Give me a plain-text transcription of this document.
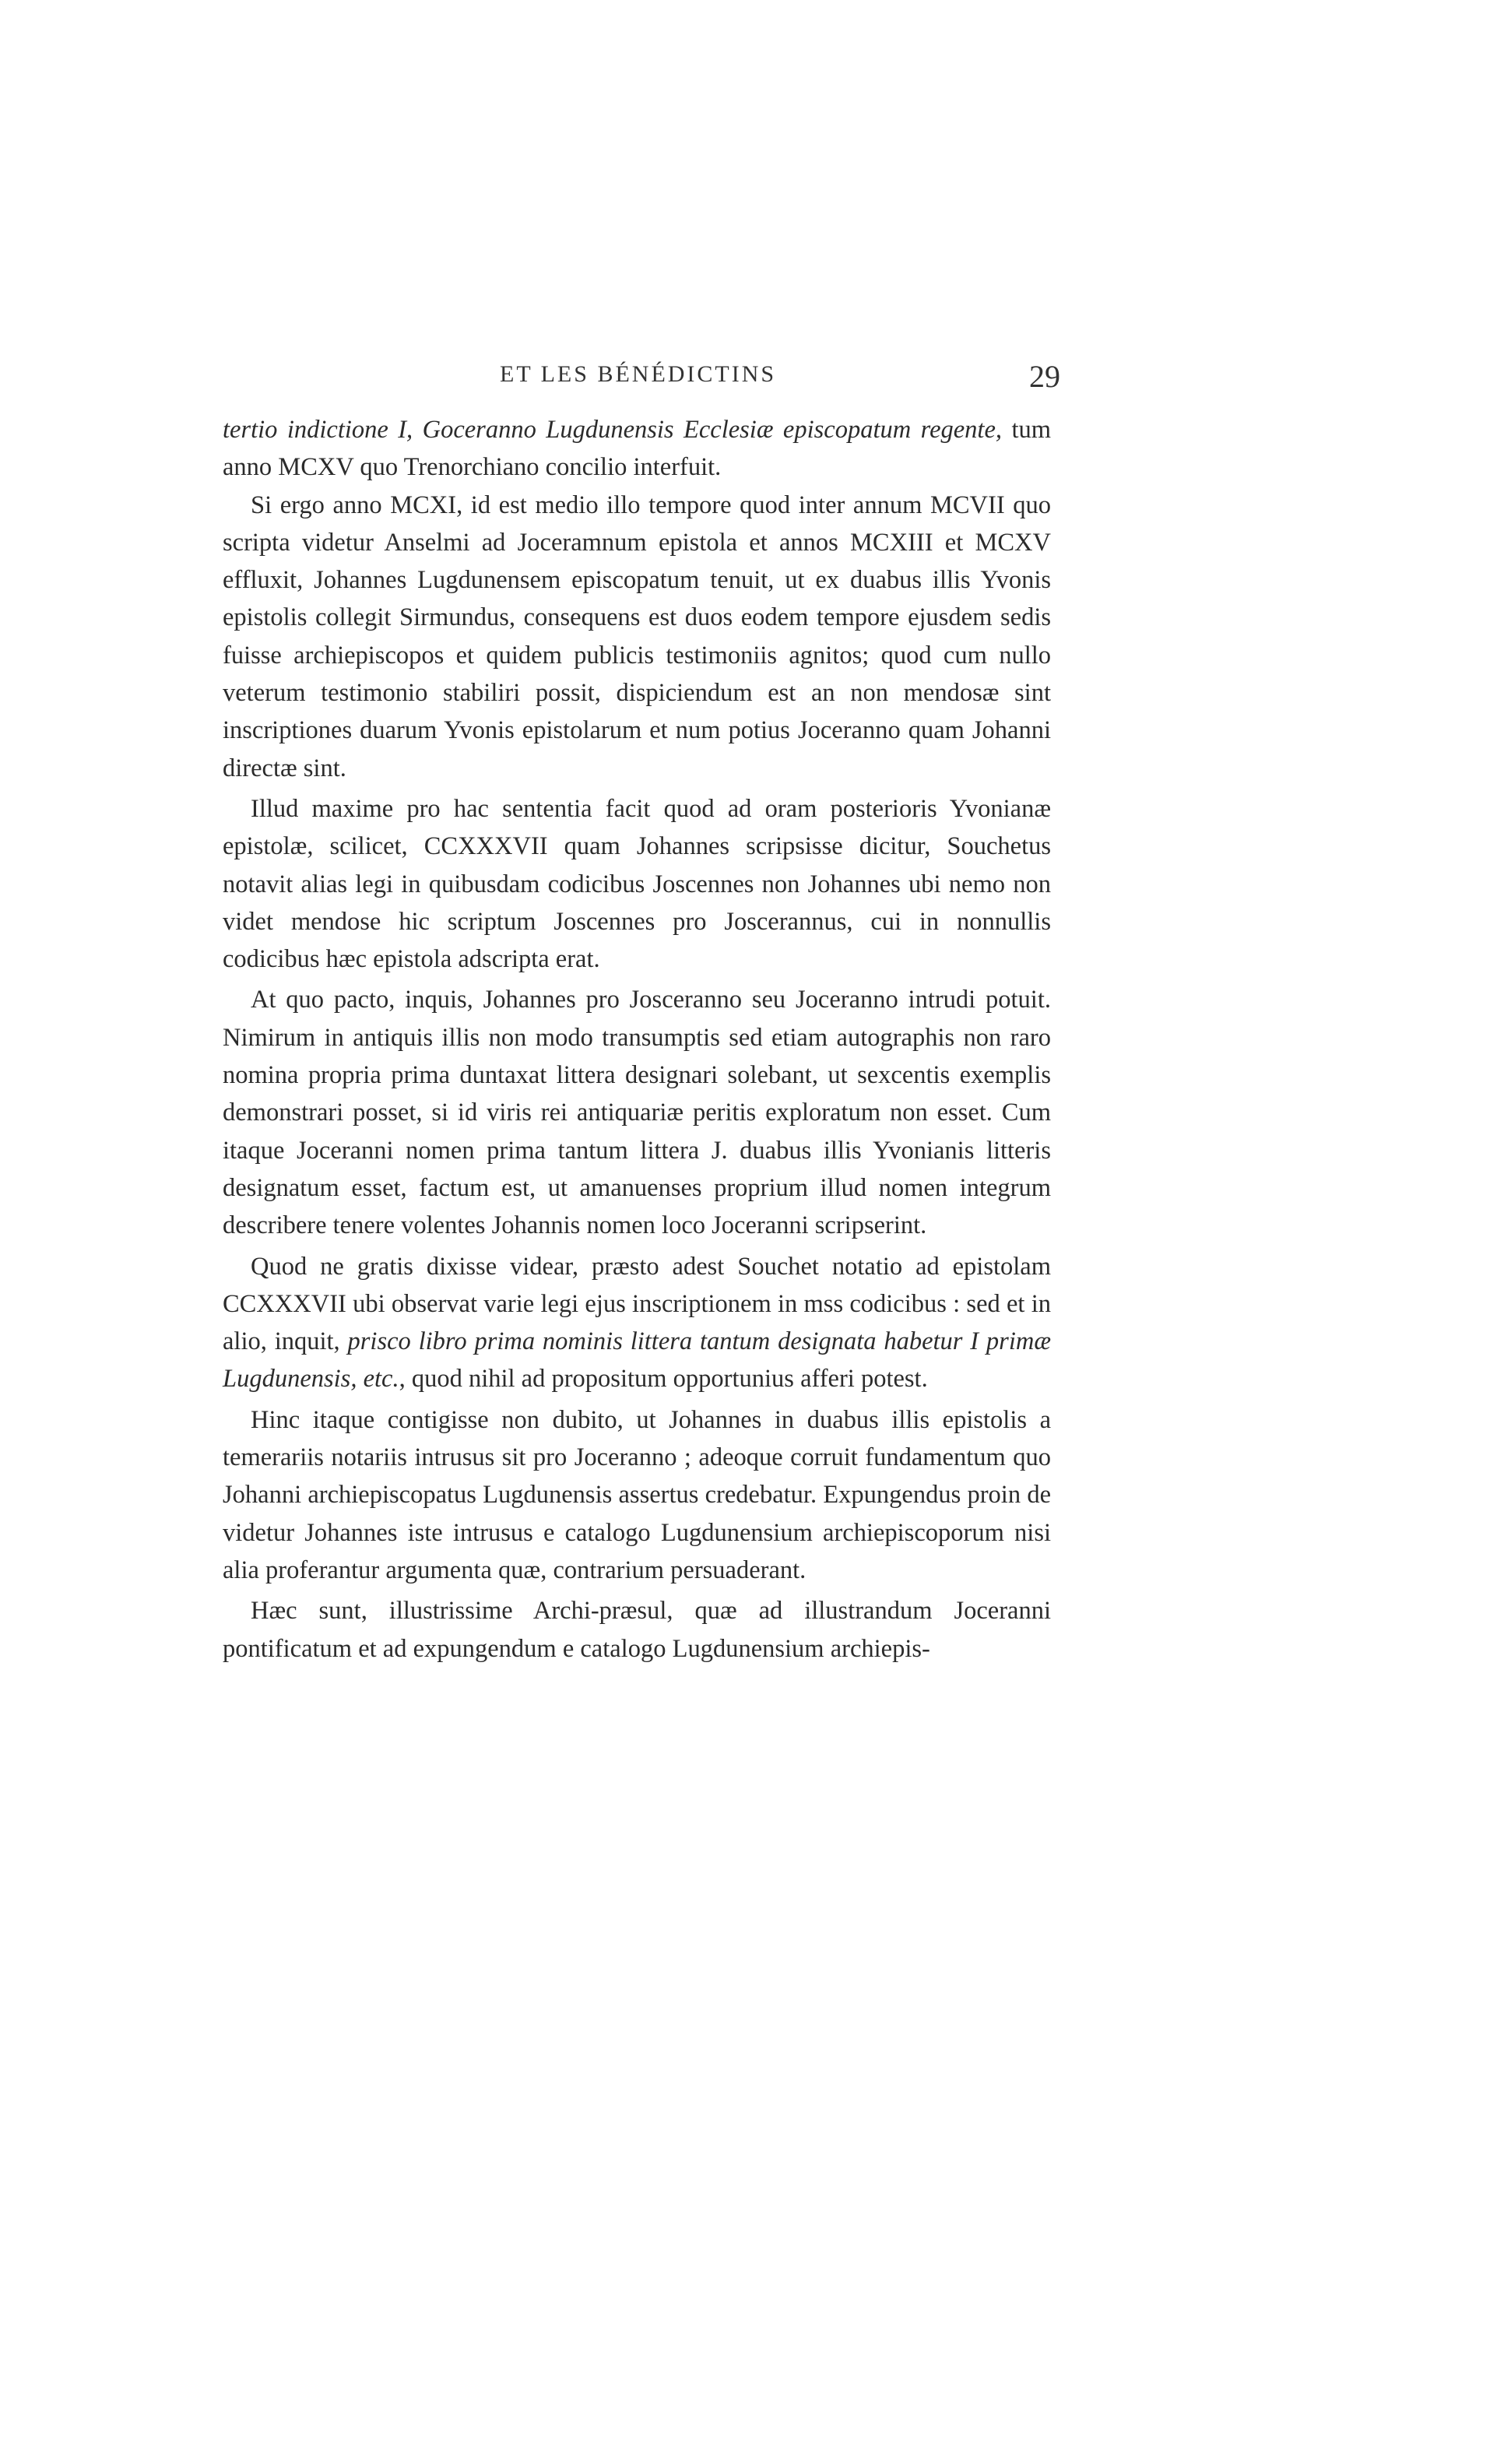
ET LES BÉNÉDICTINS	29

tertio indictione I, Goceranno Lugdunensis Ecclesiæ episcopatum regente, tum anno MCXV quo Trenorchiano concilio interfuit.

Si ergo anno MCXI, id est medio illo tempore quod inter annum MCVII quo scripta videtur Anselmi ad Joceramnum epistola et annos MCXIII et MCXV effluxit, Johannes Lugdunensem episcopatum tenuit, ut ex duabus illis Yvonis epistolis collegit Sirmundus, consequens est duos eodem tempore ejusdem sedis fuisse archiepiscopos et quidem publicis testimoniis agnitos; quod cum nullo veterum testimonio stabiliri possit, dispiciendum est an non mendosæ sint inscriptiones duarum Yvonis epistolarum et num potius Joceranno quam Johanni directæ sint.

Illud maxime pro hac sententia facit quod ad oram posterioris Yvonianæ epistolæ, scilicet, CCXXXVII quam Johannes scripsisse dicitur, Souchetus notavit alias legi in quibusdam codicibus Joscennes non Johannes ubi nemo non videt mendose hic scriptum Joscennes pro Joscerannus, cui in nonnullis codicibus hæc epistola adscripta erat.

At quo pacto, inquis, Johannes pro Josceranno seu Joceranno intrudi potuit. Nimirum in antiquis illis non modo transumptis sed etiam autographis non raro nomina propria prima duntaxat littera designari solebant, ut sexcentis exemplis demonstrari posset, si id viris rei antiquariæ peritis exploratum non esset. Cum itaque Joceranni nomen prima tantum littera J. duabus illis Yvonianis litteris designatum esset, factum est, ut amanuenses proprium illud nomen integrum describere tenere volentes Johannis nomen loco Joceranni scripserint.

Quod ne gratis dixisse videar, præsto adest Souchet notatio ad epistolam CCXXXVII ubi observat varie legi ejus inscriptionem in mss codicibus : sed et in alio, inquit, prisco libro prima nominis littera tantum designata habetur I primæ Lugdunensis, etc., quod nihil ad propositum opportunius afferi potest.

Hinc itaque contigisse non dubito, ut Johannes in duabus illis epistolis a temerariis notariis intrusus sit pro Joceranno ; adeoque corruit fundamentum quo Johanni archiepiscopatus Lugdunensis assertus credebatur. Expungendus proin de videtur Johannes iste intrusus e catalogo Lugdunensium archiepiscoporum nisi alia proferantur argumenta quæ, contrarium persuaderant.

Hæc sunt, illustrissime Archi-præsul, quæ ad illustrandum Joceranni pontificatum et ad expungendum e catalogo Lugdunensium archiepis-
